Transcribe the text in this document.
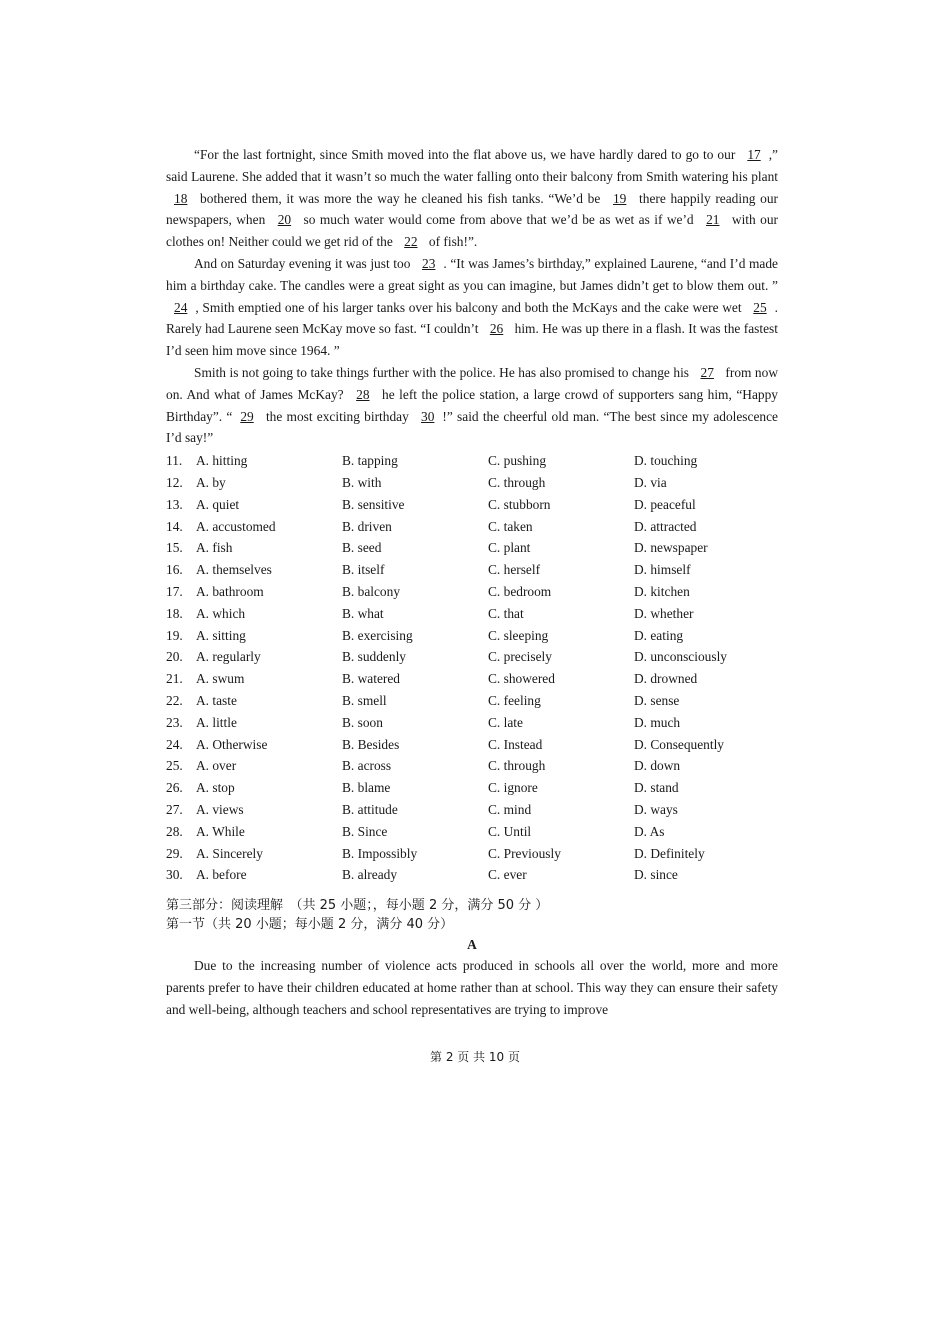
“For the last fortnight, since Smith moved into the flat above us, we have hardly dared to go to our 17 ,” said Laurene. She added that it wasn’t so much the water falling onto their balcony from Smith watering his plant 18 bothered them, it was more the way he cleaned his fish tanks. “We’d be 19 there happily reading our newspapers, when 20 so much water would come from above that we’d be as wet as if we’d 21 with our clothes on! Neither could we get rid of the 22 of fish!”.

And on Saturday evening it was just too 23 . “It was James’s birthday,” explained Laurene, “and I’d made him a birthday cake. The candles were a great sight as you can imagine, but James didn’t get to blow them out. ” 24 , Smith emptied one of his larger tanks over his balcony and both the McKays and the cake were wet 25 . Rarely had Laurene seen McKay move so fast. “I couldn’t 26 him. He was up there in a flash. It was the fastest I’d seen him move since 1964. ”

Smith is not going to take things further with the police. He has also promised to change his 27 from now on. And what of James McKay? 28 he left the police station, a large crowd of supporters sang him, “Happy Birthday”. “ 29 the most exciting birthday 30 !” said the cheerful old man. “The best since my adolescence I’d say!”

11. A. hitting	B. tapping	C. pushing	D. touching
12. A. by	B. with	C. through	D. via
13. A. quiet	B. sensitive	C. stubborn	D. peaceful
14. A. accustomed	B. driven	C. taken	D. attracted
15. A. fish	B. seed	C. plant	D. newspaper
16. A. themselves	B. itself	C. herself	D. himself
17. A. bathroom	B. balcony	C. bedroom	D. kitchen
18. A. which	B. what	C. that	D. whether
19. A. sitting	B. exercising	C. sleeping	D. eating
20. A. regularly	B. suddenly	C. precisely	D. unconsciously
21. A. swum	B. watered	C. showered	D. drowned
22. A. taste	B. smell	C. feeling	D. sense
23. A. little	B. soon	C. late	D. much
24. A. Otherwise	B. Besides	C. Instead	D. Consequently
25. A. over	B. across	C. through	D. down
26. A. stop	B. blame	C. ignore	D. stand
27. A. views	B. attitude	C. mind	D. ways
28. A. While	B. Since	C. Until	D. As
29. A. Sincerely	B. Impossibly	C. Previously	D. Definitely
30. A. before	B. already	C. ever	D. since

第三部分：阅读理解　（共 25 小题；，每小题 2 分，满分 50 分 ）

第一节（共 20 小题；每小题 2 分，满分 40 分）

A

Due to the increasing number of violence acts produced in schools all over the world, more and more parents prefer to have their children educated at home rather than at school. This way they can ensure their safety and well-being, although teachers and school representatives are trying to improve

第 2 页 共 10 页
